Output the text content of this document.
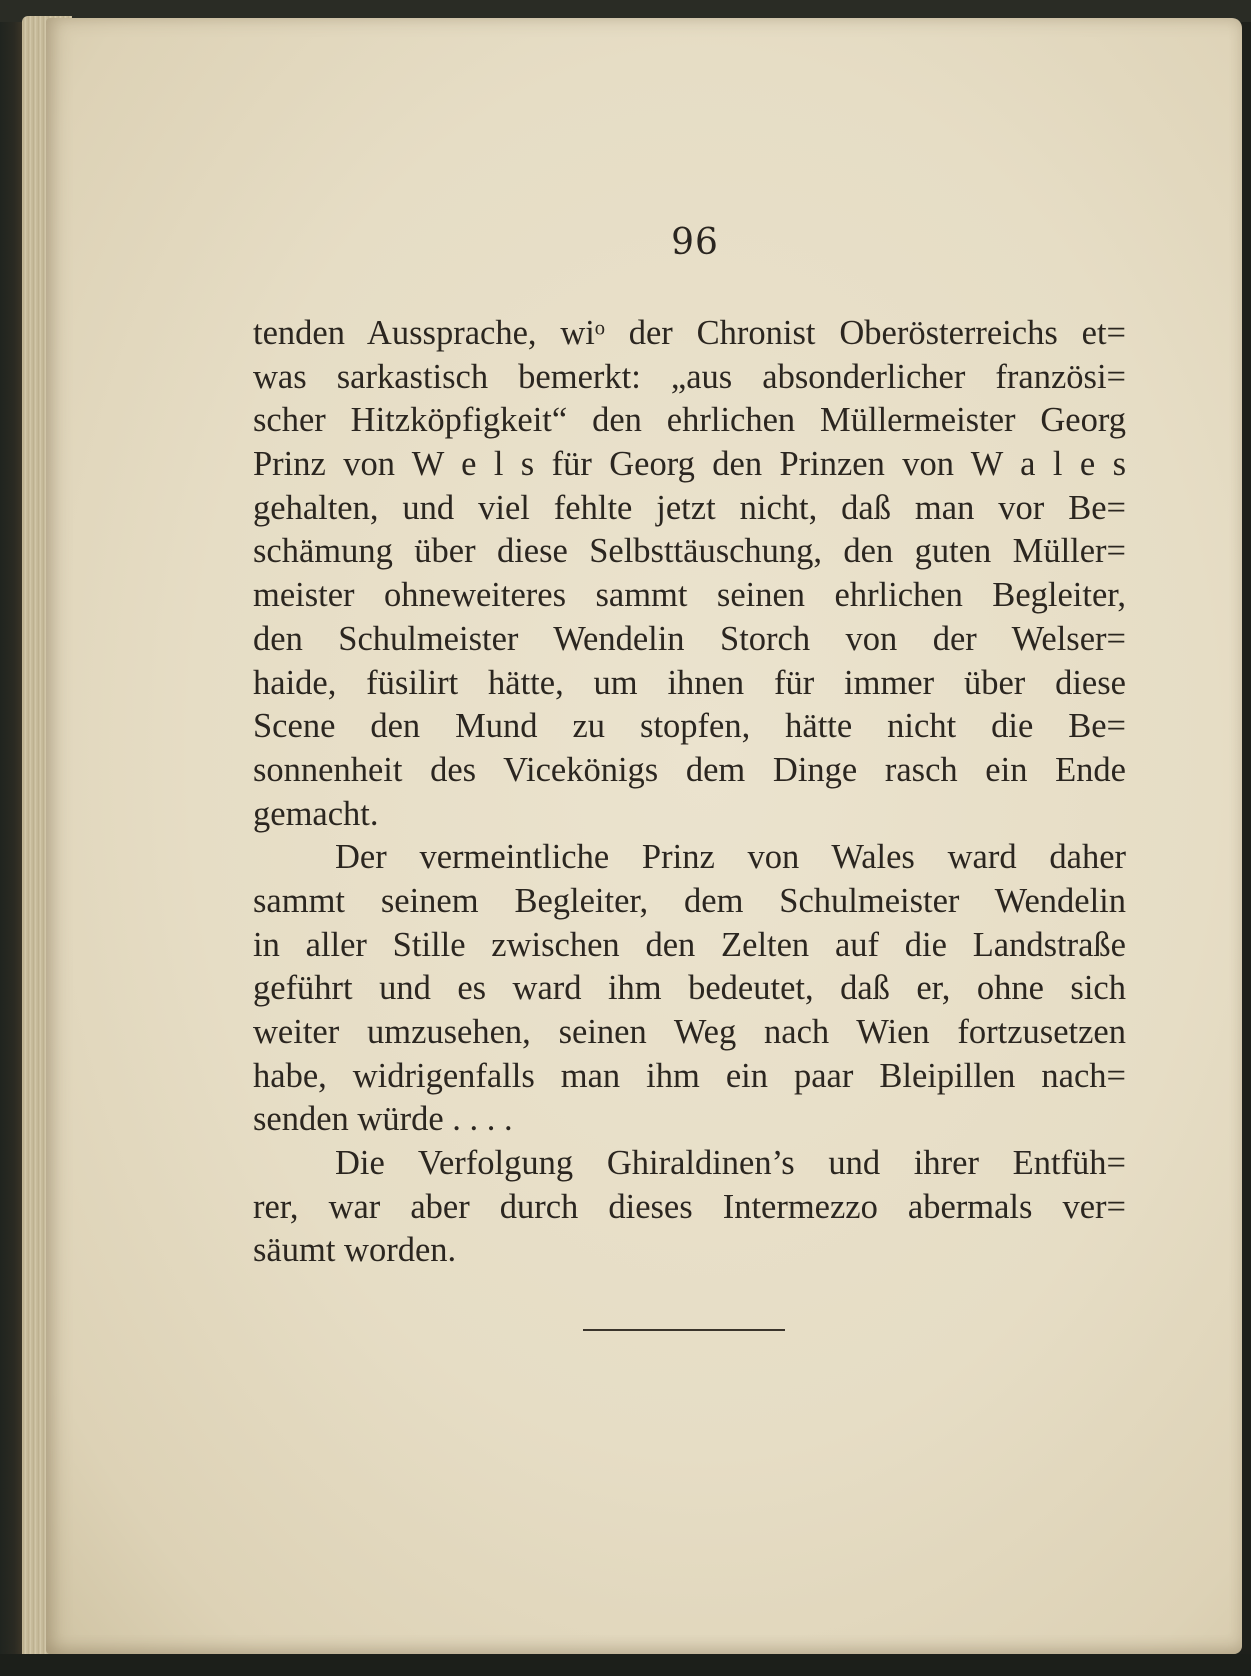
96
tenden Aussprache, wiᵒ der Chronist Oberösterreichs et=
was sarkastisch bemerkt: „aus absonderlicher französi=
scher Hitzköpfigkeit“ den ehrlichen Müllermeister Georg
Prinz von W e l s für Georg den Prinzen von W a l e s
gehalten, und viel fehlte jetzt nicht, daß man vor Be=
schämung über diese Selbsttäuschung, den guten Müller=
meister ohneweiteres sammt seinen ehrlichen Begleiter,
den Schulmeister Wendelin Storch von der Welser=
haide, füsilirt hätte, um ihnen für immer über diese
Scene den Mund zu stopfen, hätte nicht die Be=
sonnenheit des Vicekönigs dem Dinge rasch ein Ende
gemacht.
Der vermeintliche Prinz von Wales ward daher
sammt seinem Begleiter, dem Schulmeister Wendelin
in aller Stille zwischen den Zelten auf die Landstraße
geführt und es ward ihm bedeutet, daß er, ohne sich
weiter umzusehen, seinen Weg nach Wien fortzusetzen
habe, widrigenfalls man ihm ein paar Bleipillen nach=
senden würde . . . .
Die Verfolgung Ghiraldinen’s und ihrer Entfüh=
rer, war aber durch dieses Intermezzo abermals ver=
säumt worden.
